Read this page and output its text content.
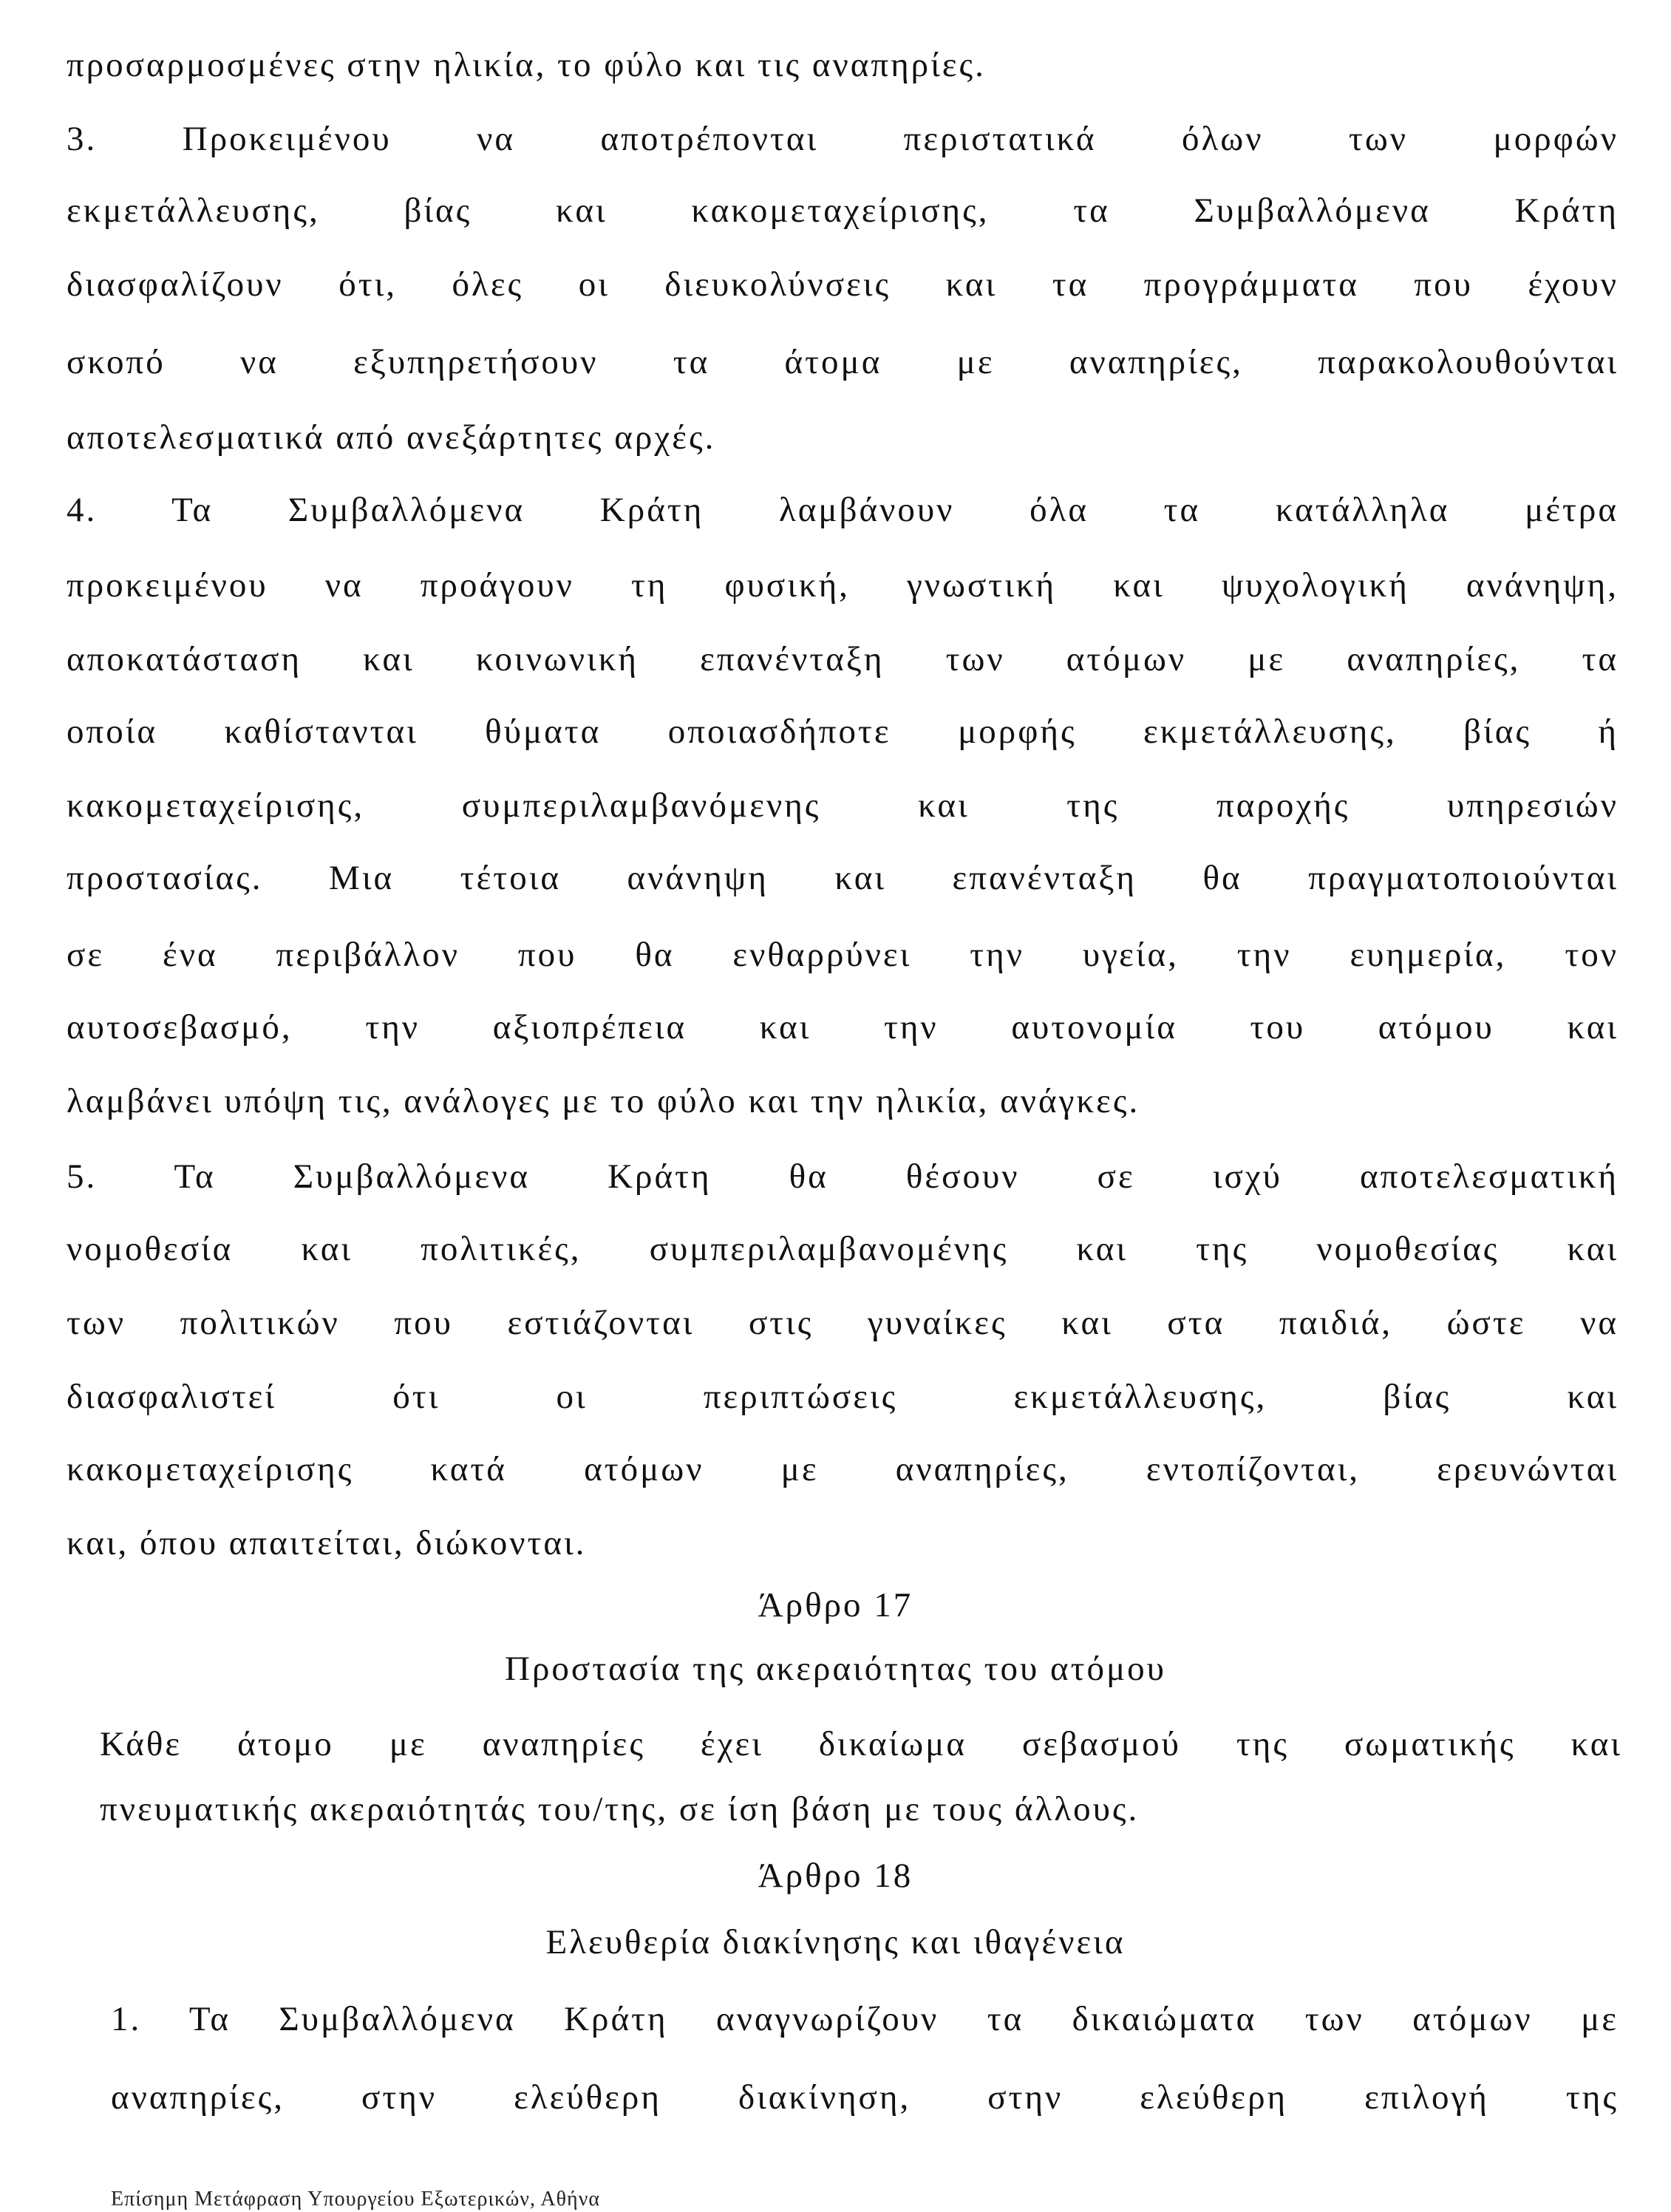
προσαρμοσμένες στην ηλικία, το φύλο και τις αναπηρίες.
3. Προκειμένου να αποτρέπονται περιστατικά όλων των μορφών
εκμετάλλευσης, βίας και κακομεταχείρισης, τα Συμβαλλόμενα Κράτη
διασφαλίζουν ότι, όλες οι διευκολύνσεις και τα προγράμματα που έχουν
σκοπό να εξυπηρετήσουν τα άτομα με αναπηρίες, παρακολουθούνται
αποτελεσματικά από ανεξάρτητες αρχές.
4. Τα Συμβαλλόμενα Κράτη λαμβάνουν όλα τα κατάλληλα μέτρα
προκειμένου να προάγουν τη φυσική, γνωστική και ψυχολογική ανάνηψη,
αποκατάσταση και κοινωνική επανένταξη των ατόμων με αναπηρίες, τα
οποία καθίστανται θύματα οποιασδήποτε μορφής εκμετάλλευσης, βίας ή
κακομεταχείρισης, συμπεριλαμβανόμενης και της παροχής υπηρεσιών
προστασίας. Μια τέτοια ανάνηψη και επανένταξη θα πραγματοποιούνται
σε ένα περιβάλλον που θα ενθαρρύνει την υγεία, την ευημερία, τον
αυτοσεβασμό, την αξιοπρέπεια και την αυτονομία του ατόμου και
λαμβάνει υπόψη τις, ανάλογες με το φύλο και την ηλικία, ανάγκες.
5. Τα Συμβαλλόμενα Κράτη θα θέσουν σε ισχύ αποτελεσματική
νομοθεσία και πολιτικές, συμπεριλαμβανομένης και της νομοθεσίας και
των πολιτικών που εστιάζονται στις γυναίκες και στα παιδιά, ώστε να
διασφαλιστεί ότι οι περιπτώσεις εκμετάλλευσης, βίας και
κακομεταχείρισης κατά ατόμων με αναπηρίες, εντοπίζονται, ερευνώνται
και, όπου απαιτείται, διώκονται.
Άρθρο 17
Προστασία της ακεραιότητας του ατόμου
Κάθε άτομο με αναπηρίες έχει δικαίωμα σεβασμού της σωματικής και
πνευματικής ακεραιότητάς του/της, σε ίση βάση με τους άλλους.
Άρθρο 18
Ελευθερία διακίνησης και ιθαγένεια
1. Τα Συμβαλλόμενα Κράτη αναγνωρίζουν τα δικαιώματα των ατόμων με
αναπηρίες, στην ελεύθερη διακίνηση, στην ελεύθερη επιλογή της
Επίσημη Μετάφραση Υπουργείου Εξωτερικών, Αθήνα
